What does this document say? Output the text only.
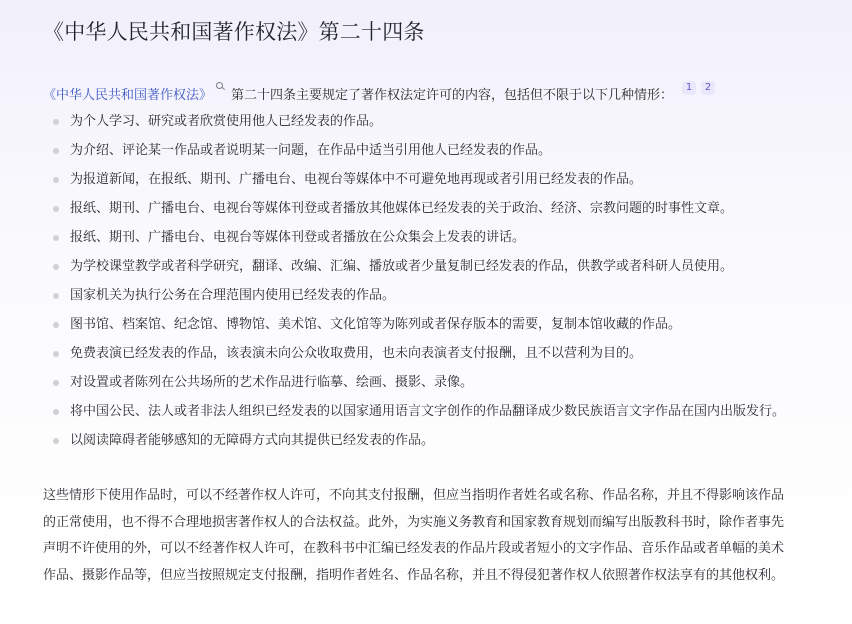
《中华人民共和国著作权法》第二十四条
《中华人民共和国著作权法》 第二十四条主要规定了著作权法定许可的内容，包括但不限于以下几种情形：1 2
为个人学习、研究或者欣赏使用他人已经发表的作品。
为介绍、评论某一作品或者说明某一问题，在作品中适当引用他人已经发表的作品。
为报道新闻，在报纸、期刊、广播电台、电视台等媒体中不可避免地再现或者引用已经发表的作品。
报纸、期刊、广播电台、电视台等媒体刊登或者播放其他媒体已经发表的关于政治、经济、宗教问题的时事性文章。
报纸、期刊、广播电台、电视台等媒体刊登或者播放在公众集会上发表的讲话。
为学校课堂教学或者科学研究，翻译、改编、汇编、播放或者少量复制已经发表的作品，供教学或者科研人员使用。
国家机关为执行公务在合理范围内使用已经发表的作品。
图书馆、档案馆、纪念馆、博物馆、美术馆、文化馆等为陈列或者保存版本的需要，复制本馆收藏的作品。
免费表演已经发表的作品，该表演未向公众收取费用，也未向表演者支付报酬，且不以营利为目的。
对设置或者陈列在公共场所的艺术作品进行临摹、绘画、摄影、录像。
将中国公民、法人或者非法人组织已经发表的以国家通用语言文字创作的作品翻译成少数民族语言文字作品在国内出版发行。
以阅读障碍者能够感知的无障碍方式向其提供已经发表的作品。
这些情形下使用作品时，可以不经著作权人许可，不向其支付报酬，但应当指明作者姓名或名称、作品名称，并且不得影响该作品的正常使用，也不得不合理地损害著作权人的合法权益。此外，为实施义务教育和国家教育规划而编写出版教科书时，除作者事先声明不许使用的外，可以不经著作权人许可，在教科书中汇编已经发表的作品片段或者短小的文字作品、音乐作品或者单幅的美术作品、摄影作品等，但应当按照规定支付报酬，指明作者姓名、作品名称，并且不得侵犯著作权人依照著作权法享有的其他权利。
